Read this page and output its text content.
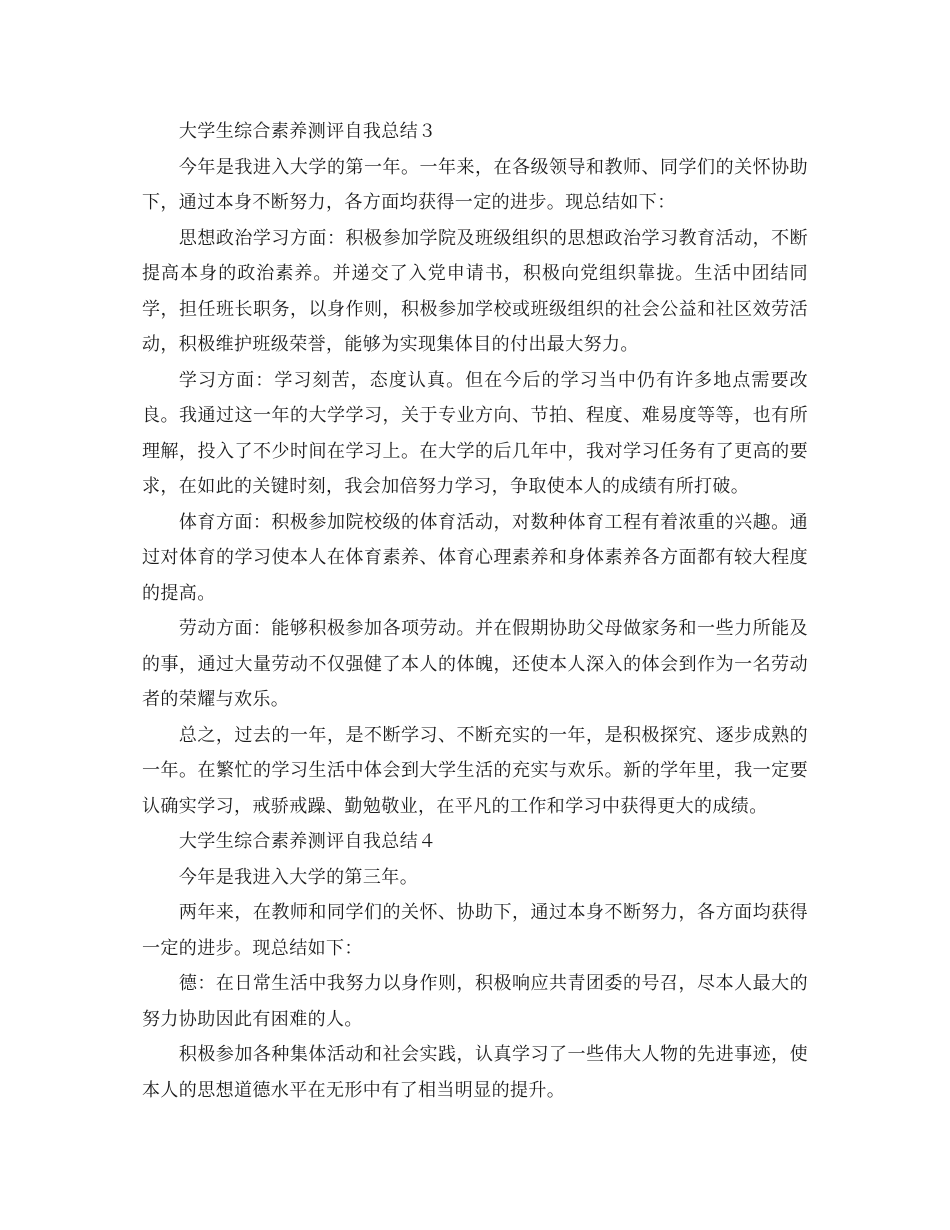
大学生综合素养测评自我总结３

今年是我进入大学的第一年。一年来，在各级领导和教师、同学们的关怀协助下，通过本身不断努力，各方面均获得一定的进步。现总结如下：

思想政治学习方面：积极参加学院及班级组织的思想政治学习教育活动，不断提高本身的政治素养。并递交了入党申请书，积极向党组织靠拢。生活中团结同学，担任班长职务，以身作则，积极参加学校或班级组织的社会公益和社区效劳活动，积极维护班级荣誉，能够为实现集体目的付出最大努力。

学习方面：学习刻苦，态度认真。但在今后的学习当中仍有许多地点需要改良。我通过这一年的大学学习，关于专业方向、节拍、程度、难易度等等，也有所理解，投入了不少时间在学习上。在大学的后几年中，我对学习任务有了更高的要求，在如此的关键时刻，我会加倍努力学习，争取使本人的成绩有所打破。

体育方面：积极参加院校级的体育活动，对数种体育工程有着浓重的兴趣。通过对体育的学习使本人在体育素养、体育心理素养和身体素养各方面都有较大程度的提高。

劳动方面：能够积极参加各项劳动。并在假期协助父母做家务和一些力所能及的事，通过大量劳动不仅强健了本人的体魄，还使本人深入的体会到作为一名劳动者的荣耀与欢乐。

总之，过去的一年，是不断学习、不断充实的一年，是积极探究、逐步成熟的一年。在繁忙的学习生活中体会到大学生活的充实与欢乐。新的学年里，我一定要认确实学习，戒骄戒躁、勤勉敬业，在平凡的工作和学习中获得更大的成绩。

大学生综合素养测评自我总结４

今年是我进入大学的第三年。

两年来，在教师和同学们的关怀、协助下，通过本身不断努力，各方面均获得一定的进步。现总结如下：

德：在日常生活中我努力以身作则，积极响应共青团委的号召，尽本人最大的努力协助因此有困难的人。

积极参加各种集体活动和社会实践，认真学习了一些伟大人物的先进事迹，使本人的思想道德水平在无形中有了相当明显的提升。
